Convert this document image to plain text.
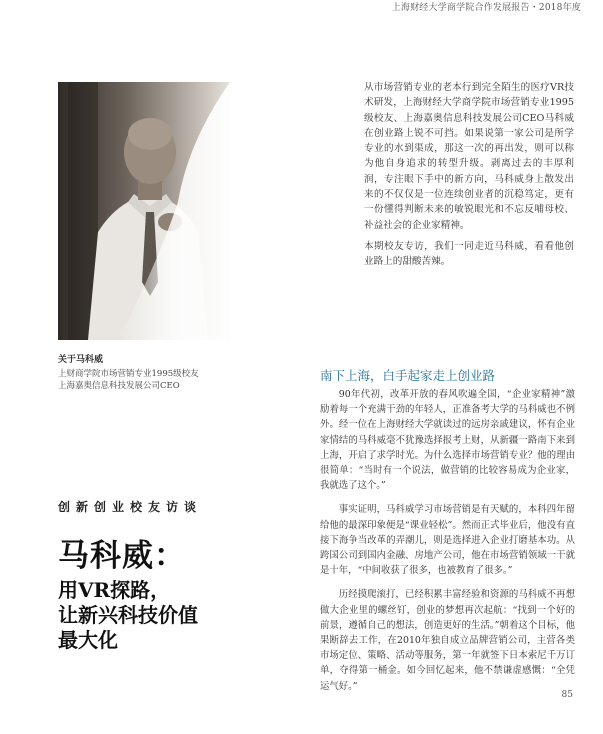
上海财经大学商学院合作发展报告・2018年度
关于马科威
上财商学院市场营销专业1995级校友
上海嘉奥信息科技发展公司CEO

从市场营销专业的老本行到完全陌生的医疗VR技术研发，上海财经大学商学院市场营销专业1995级校友、上海嘉奥信息科技发展公司CEO马科威在创业路上锐不可挡。如果说第一家公司是所学专业的水到渠成，那这一次的再出发，则可以称为他自身追求的转型升级。剥离过去的丰厚利润，专注眼下手中的新方向，马科威身上散发出来的不仅仅是一位连续创业者的沉稳笃定，更有一份懂得判断未来的敏锐眼光和不忘反哺母校、补益社会的企业家精神。

本期校友专访，我们一同走近马科威，看看他创业路上的甜酸苦辣。

南下上海，白手起家走上创业路

90年代初，改革开放的春风吹遍全国，“企业家精神”激励着每一个充满干劲的年轻人，正准备考大学的马科威也不例外。经一位在上海财经大学就读过的远房亲戚建议，怀有企业家情结的马科威毫不犹豫选择报考上财，从新疆一路南下来到上海，开启了求学时光。为什么选择市场营销专业？他的理由很简单：“当时有一个说法，做营销的比较容易成为企业家，我就选了这个。”

事实证明，马科威学习市场营销是有天赋的，本科四年留给他的最深印象便是“课业轻松”。然而正式毕业后，他没有直接下海争当改革的弄潮儿，则是选择进入企业打磨基本功。从跨国公司到国内金融、房地产公司，他在市场营销领域一干就是十年，“中间收获了很多，也被教育了很多。”

历经摸爬滚打，已经积累丰富经验和资源的马科威不再想做大企业里的螺丝钉，创业的梦想再次起航：“找到一个好的前景，遵循自己的想法，创造更好的生活。”朝着这个目标，他果断辞去工作，在2010年独自成立品牌营销公司，主营各类市场定位、策略、活动等服务，第一年就签下日本索尼千万订单，夺得第一桶金。如今回忆起来，他不禁谦虚感慨：“全凭运气好。”

创新创业校友访谈
马科威：
用VR探路，
让新兴科技价值
最大化
85
